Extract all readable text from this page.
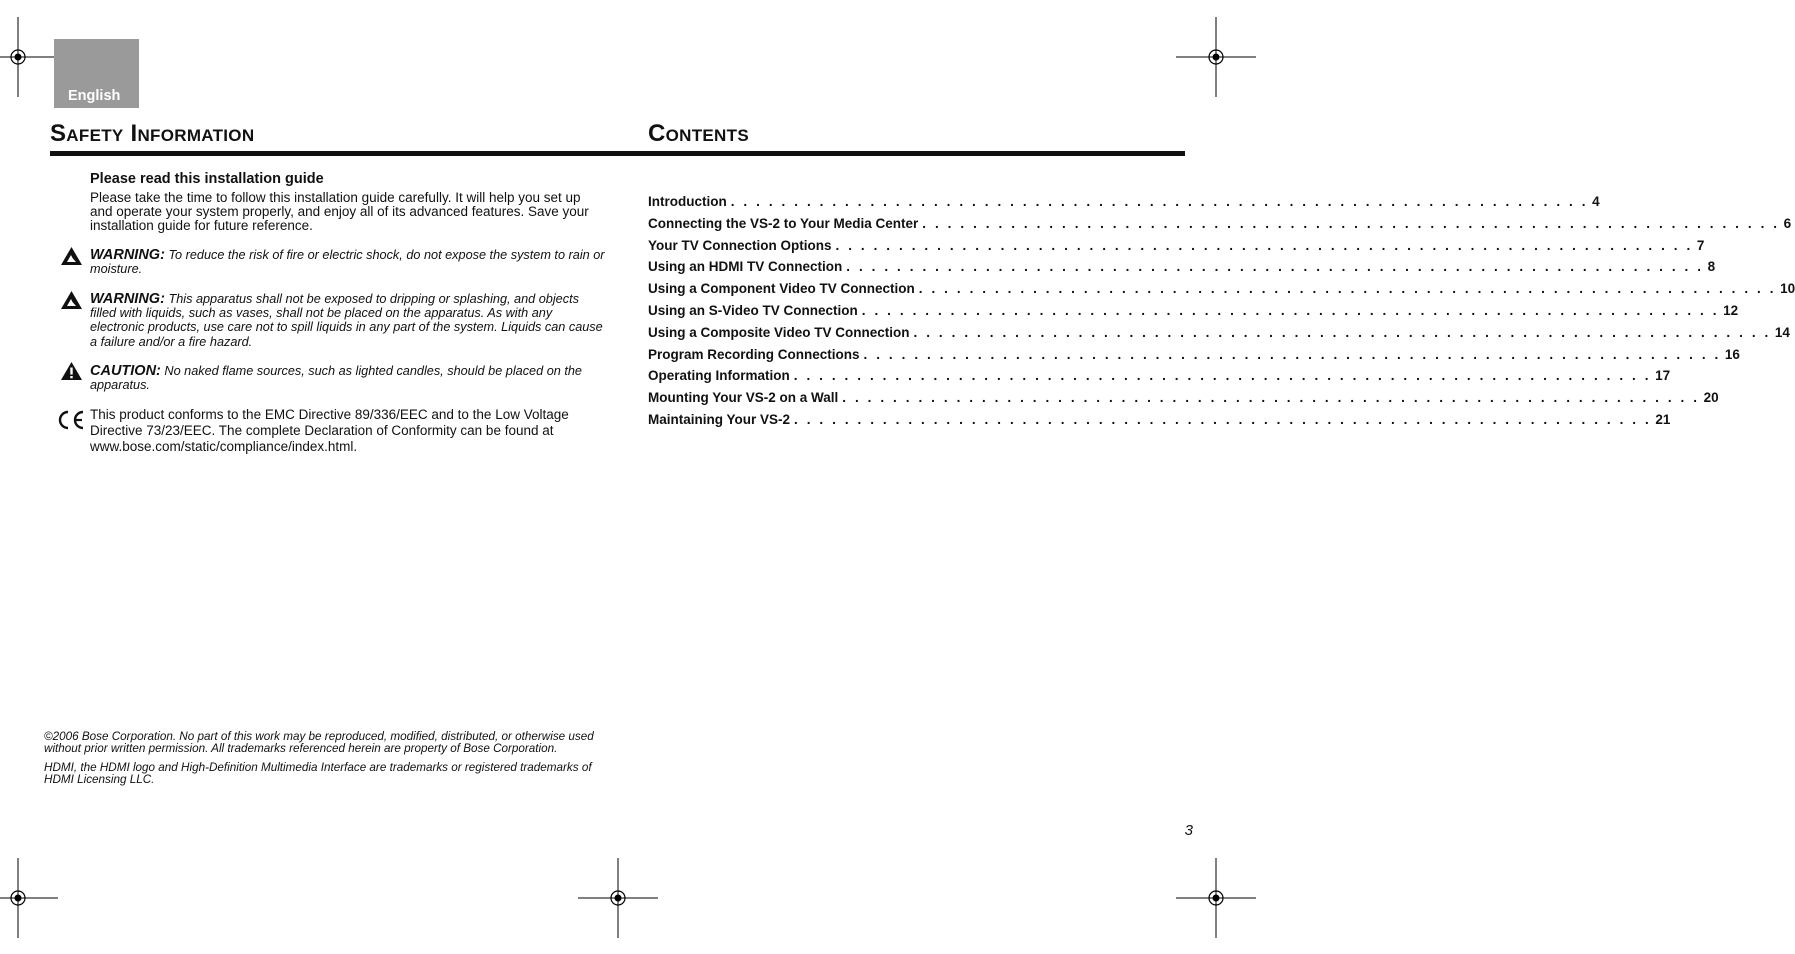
English
Safety Information	Contents
Please read this installation guide
Please take the time to follow this installation guide carefully. It will help you set up and operate your system properly, and enjoy all of its advanced features. Save your installation guide for future reference.
WARNING: To reduce the risk of fire or electric shock, do not expose the system to rain or moisture.
WARNING: This apparatus shall not be exposed to dripping or splashing, and objects filled with liquids, such as vases, shall not be placed on the apparatus. As with any electronic products, use care not to spill liquids in any part of the system. Liquids can cause a failure and/or a fire hazard.
CAUTION: No naked flame sources, such as lighted candles, should be placed on the apparatus.
This product conforms to the EMC Directive 89/336/EEC and to the Low Voltage Directive 73/23/EEC. The complete Declaration of Conformity can be found at www.bose.com/static/compliance/index.html.
Introduction . . . . . . . . . . . . . . . . . . . . . . . . . . . . . . . . . . . . . . . . . . . . . . . . . . . . . . . . . . . . . . . . . . . . 4
Connecting the VS-2 to Your Media Center . . . . . . . . . . . . . . . . . . . . . . . . . . . . . . . . . . . . . . . . . . . . . . . . . . . . . . . . . . . . . . . . . . . . 6
Your TV Connection Options . . . . . . . . . . . . . . . . . . . . . . . . . . . . . . . . . . . . . . . . . . . . . . . . . . . . . . . . . . . . . . . . . . . . 7
Using an HDMI TV Connection . . . . . . . . . . . . . . . . . . . . . . . . . . . . . . . . . . . . . . . . . . . . . . . . . . . . . . . . . . . . . . . . . . . . 8
Using a Component Video TV Connection . . . . . . . . . . . . . . . . . . . . . . . . . . . . . . . . . . . . . . . . . . . . . . . . . . . . . . . . . . . . . . . . . . . . 10
Using an S-Video TV Connection . . . . . . . . . . . . . . . . . . . . . . . . . . . . . . . . . . . . . . . . . . . . . . . . . . . . . . . . . . . . . . . . . . . . 12
Using a Composite Video TV Connection . . . . . . . . . . . . . . . . . . . . . . . . . . . . . . . . . . . . . . . . . . . . . . . . . . . . . . . . . . . . . . . . . . . . 14
Program Recording Connections . . . . . . . . . . . . . . . . . . . . . . . . . . . . . . . . . . . . . . . . . . . . . . . . . . . . . . . . . . . . . . . . . . . . 16
Operating Information . . . . . . . . . . . . . . . . . . . . . . . . . . . . . . . . . . . . . . . . . . . . . . . . . . . . . . . . . . . . . . . . . . . . 17
Mounting Your VS-2 on a Wall . . . . . . . . . . . . . . . . . . . . . . . . . . . . . . . . . . . . . . . . . . . . . . . . . . . . . . . . . . . . . . . . . . . . 20
Maintaining Your VS-2 . . . . . . . . . . . . . . . . . . . . . . . . . . . . . . . . . . . . . . . . . . . . . . . . . . . . . . . . . . . . . . . . . . . . 21
©2006 Bose Corporation. No part of this work may be reproduced, modified, distributed, or otherwise used without prior written permission. All trademarks referenced herein are property of Bose Corporation.
HDMI, the HDMI logo and High-Definition Multimedia Interface are trademarks or registered trademarks of HDMI Licensing LLC.
3
